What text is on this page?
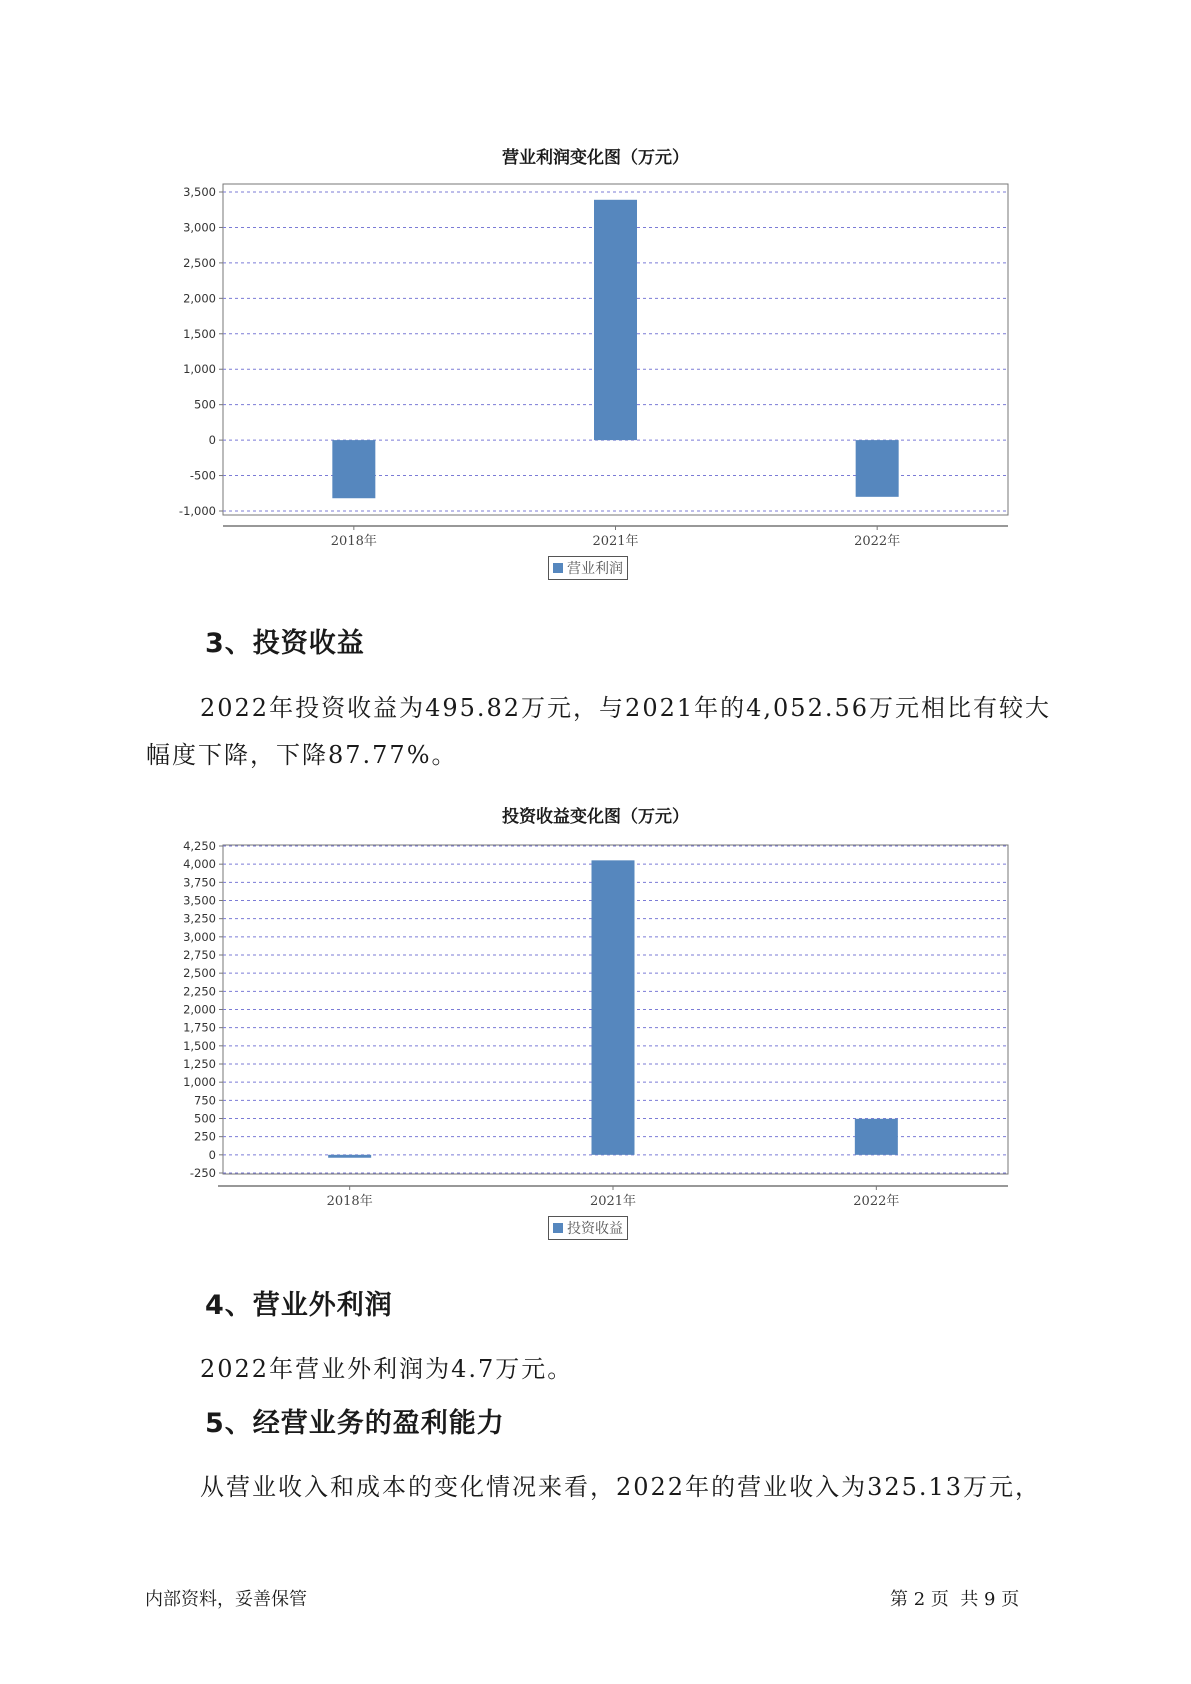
营业利润变化图（万元）
3,500
3,000
2,500
2,000
1,500
1,000
500
0
-500
-1,000
2018年	2021年	2022年
营业利润
3、投资收益
2022年投资收益为495.82万元，与2021年的4,052.56万元相比有较大
幅度下降，下降87.77%。
投资收益变化图（万元）
4,250
4,000
3,750
3,500
3,250
3,000
2,750
2,500
2,250
2,000
1,750
1,500
1,250
1,000
750
500
250
0
-250
2018年	2021年	2022年
投资收益
4、营业外利润
2022年营业外利润为4.7万元。
5、经营业务的盈利能力
从营业收入和成本的变化情况来看，2022年的营业收入为325.13万元，
内部资料，妥善保管	第 2 页  共 9 页
